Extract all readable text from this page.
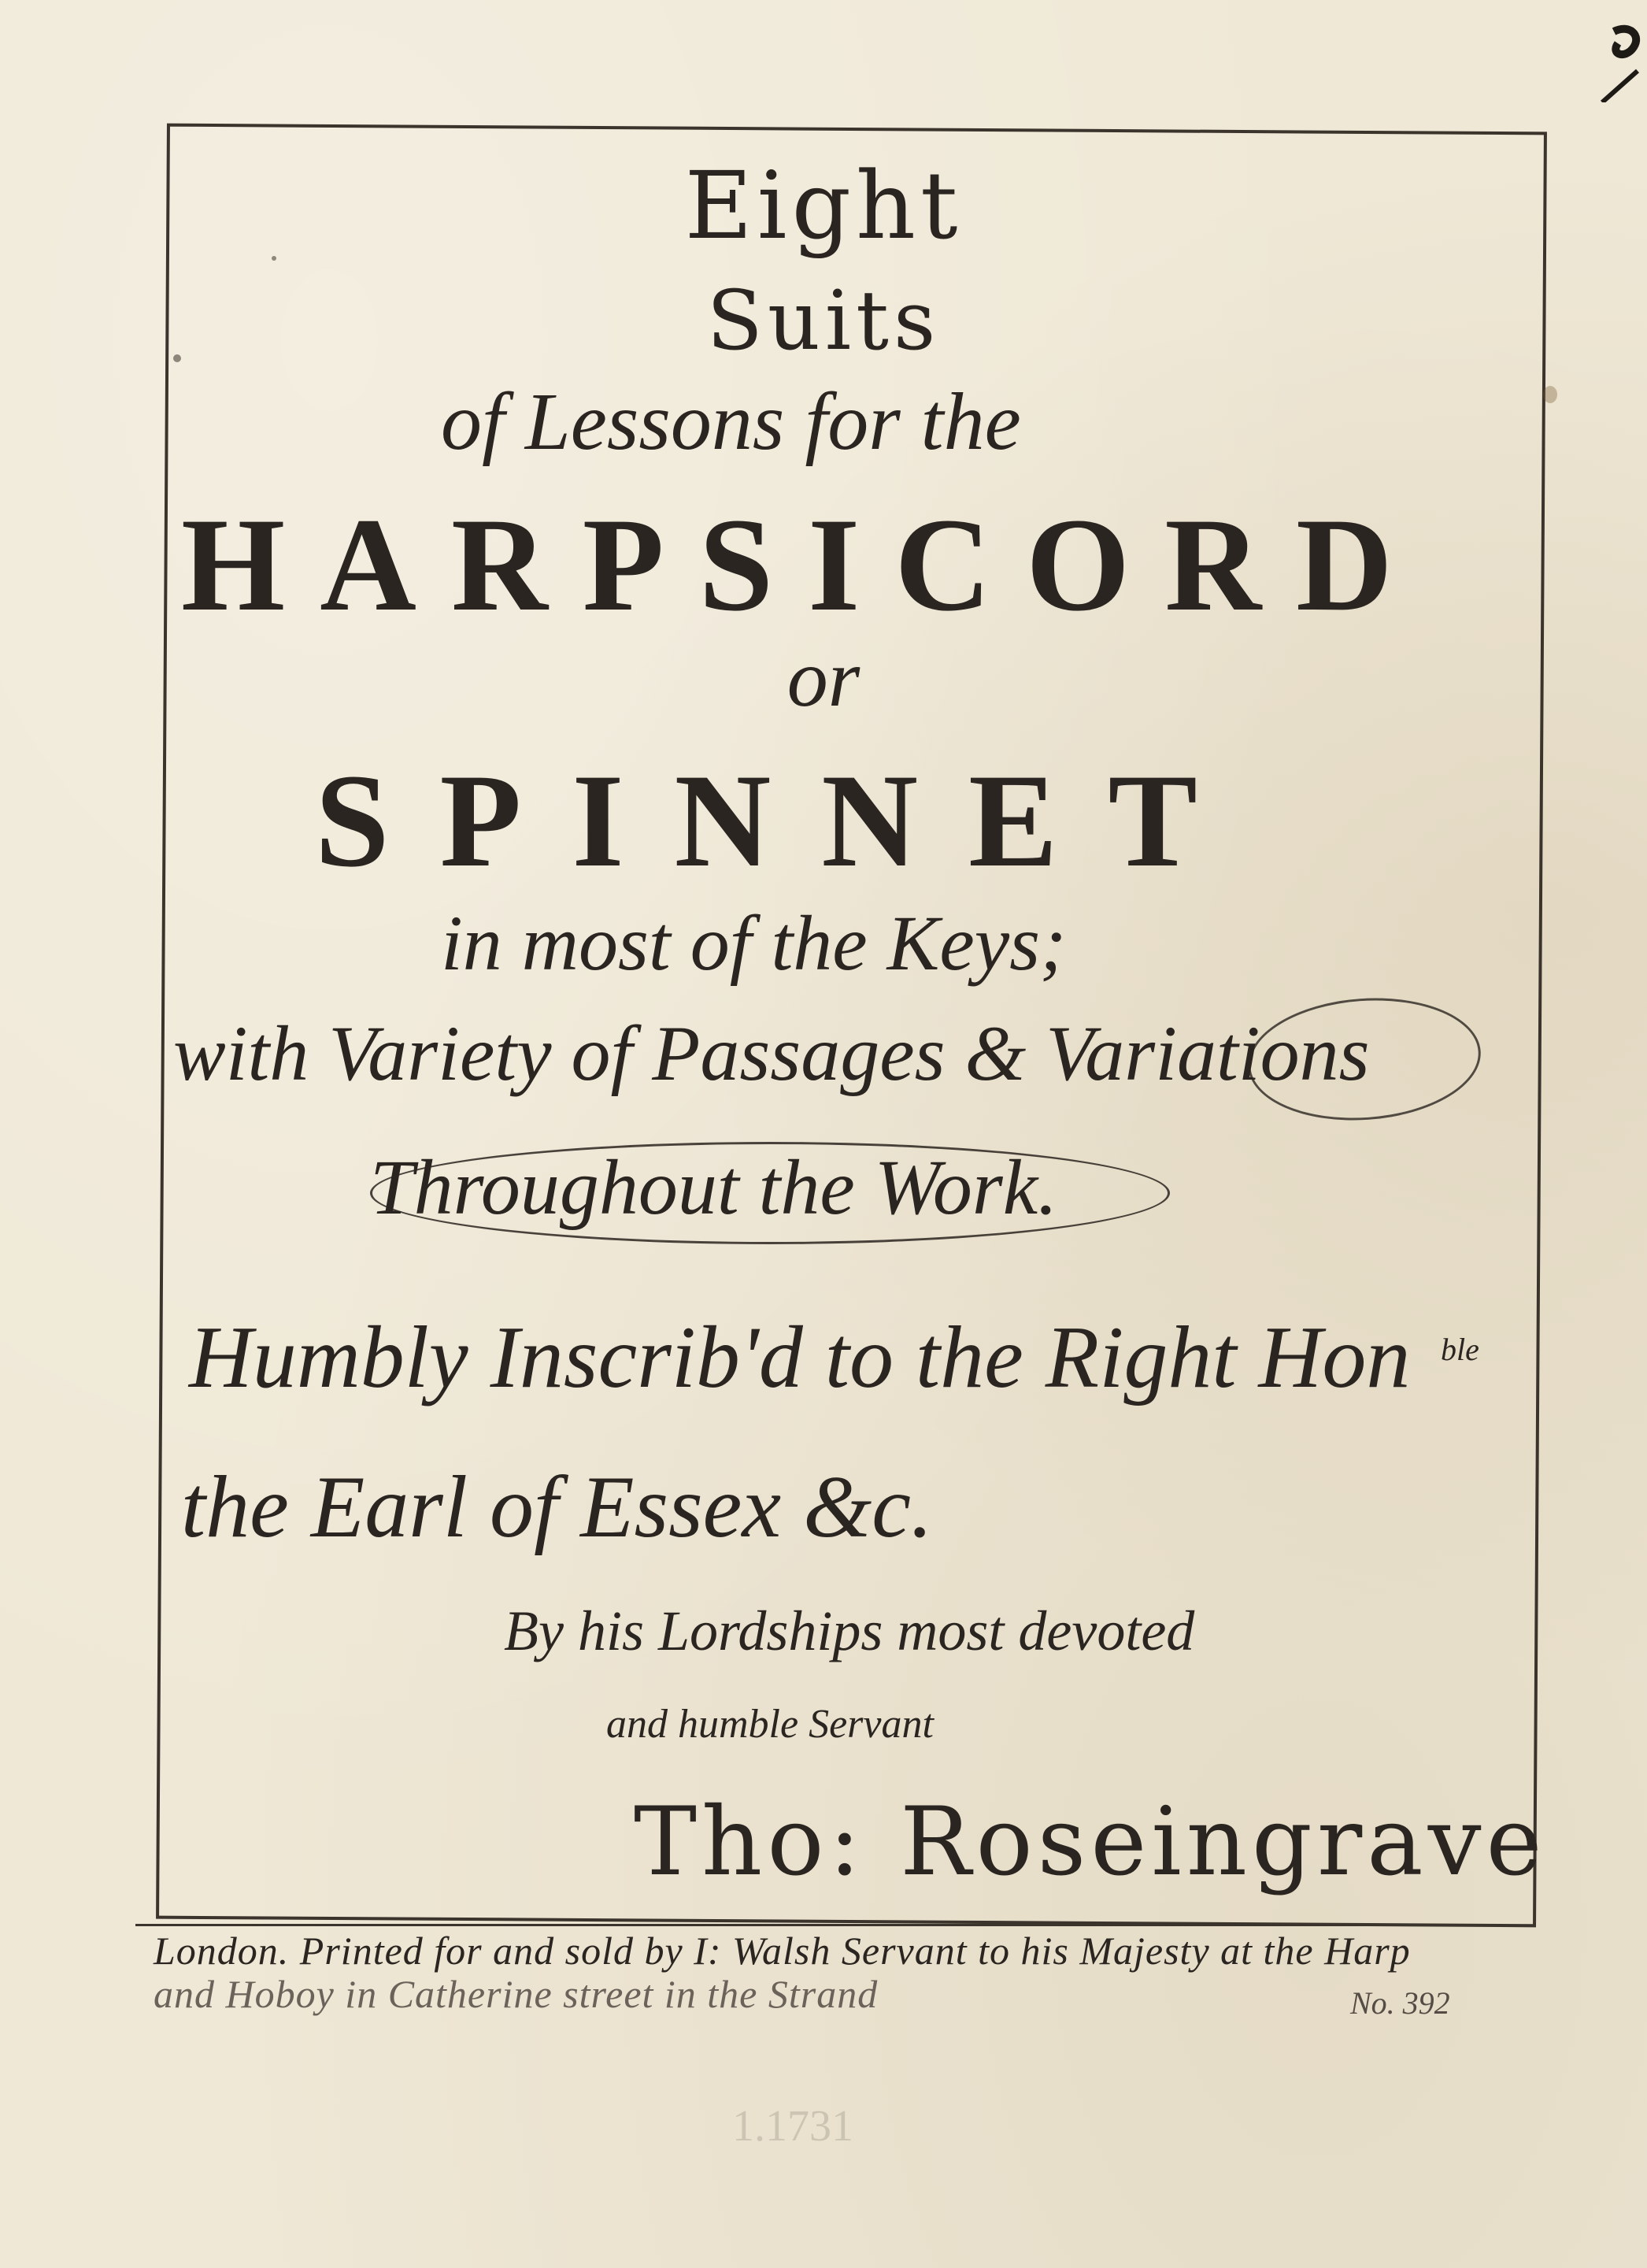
Eight
Suits
of Lessons for the
HARPSICORD
or
SPINNET
in most of the Keys;
with Variety of Passages & Variations
Throughout the Work.
Humbly Inscrib'd to the Right Hon ble
the Earl of Essex &c.
By his Lordships most devoted
and humble Servant
Tho: Roseingrave
London. Printed for and sold by I: Walsh Servant to his Majesty at the Harp
and Hoboy in Catherine street in the Strand	No. 392
1.1731
